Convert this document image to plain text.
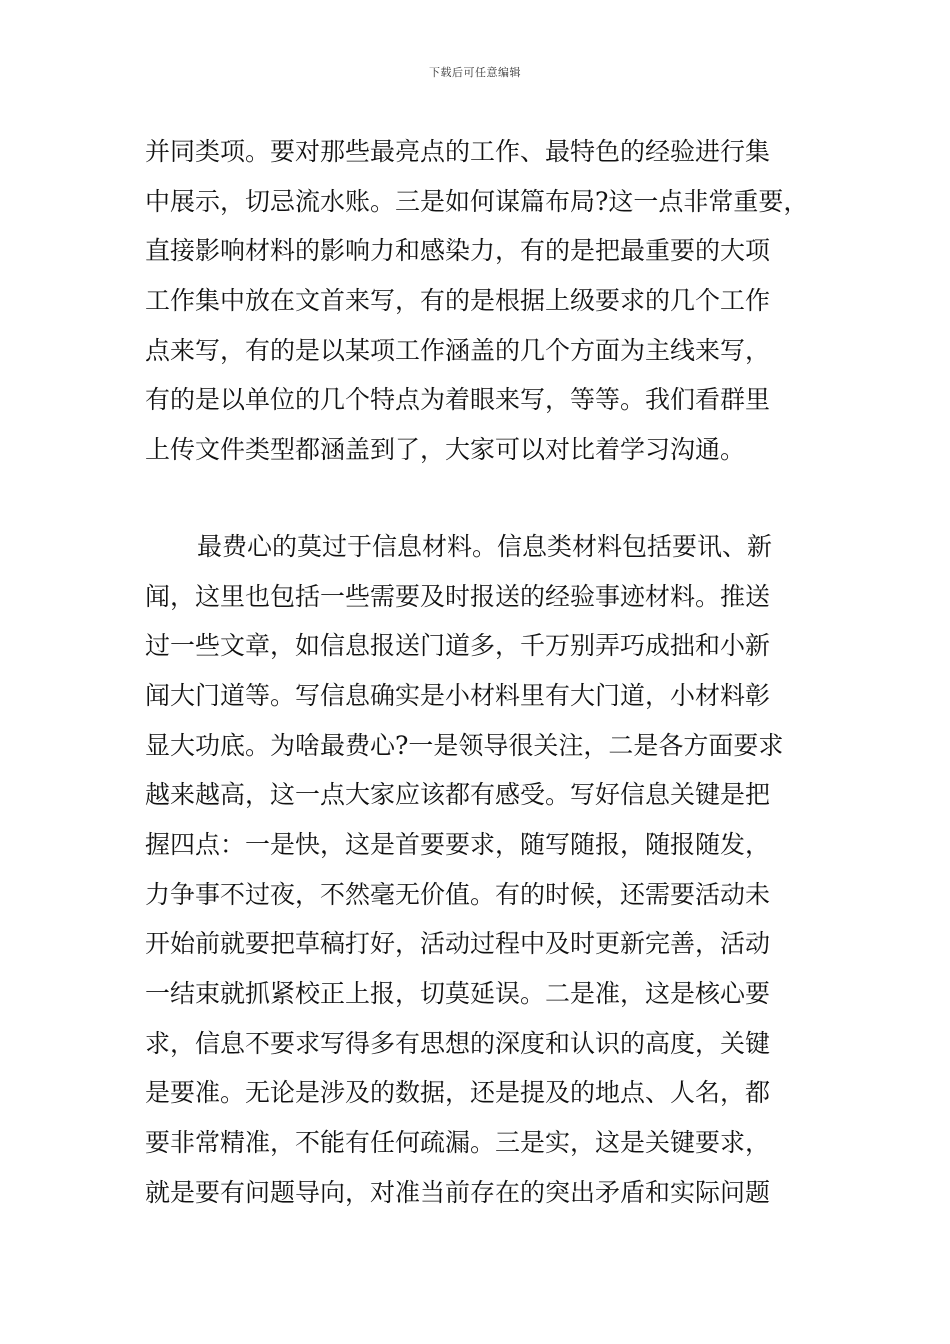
下载后可任意编辑
并同类项。要对那些最亮点的工作、最特色的经验进行集
中展示，切忌流水账。三是如何谋篇布局?这一点非常重要，
直接影响材料的影响力和感染力，有的是把最重要的大项
工作集中放在文首来写，有的是根据上级要求的几个工作
点来写，有的是以某项工作涵盖的几个方面为主线来写，
有的是以单位的几个特点为着眼来写，等等。我们看群里
上传文件类型都涵盖到了，大家可以对比着学习沟通。
最费心的莫过于信息材料。信息类材料包括要讯、新
闻，这里也包括一些需要及时报送的经验事迹材料。推送
过一些文章，如信息报送门道多，千万别弄巧成拙和小新
闻大门道等。写信息确实是小材料里有大门道，小材料彰
显大功底。为啥最费心?一是领导很关注，二是各方面要求
越来越高，这一点大家应该都有感受。写好信息关键是把
握四点：一是快，这是首要要求，随写随报，随报随发，
力争事不过夜，不然毫无价值。有的时候，还需要活动未
开始前就要把草稿打好，活动过程中及时更新完善，活动
一结束就抓紧校正上报，切莫延误。二是准，这是核心要
求，信息不要求写得多有思想的深度和认识的高度，关键
是要准。无论是涉及的数据，还是提及的地点、人名，都
要非常精准，不能有任何疏漏。三是实，这是关键要求，
就是要有问题导向，对准当前存在的突出矛盾和实际问题
